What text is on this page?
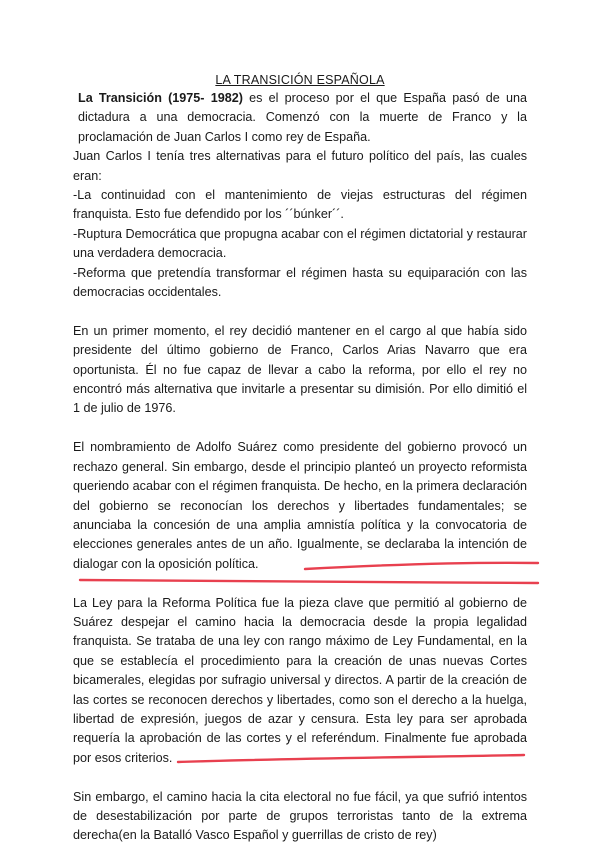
LA TRANSICIÓN ESPAÑOLA

La Transición (1975- 1982) es el proceso por el que España pasó de una dictadura a una democracia. Comenzó con la muerte de Franco y la proclamación de Juan Carlos I como rey de España.

Juan Carlos I tenía tres alternativas para el futuro político del país, las cuales eran:

-La continuidad con el mantenimiento de viejas estructuras del régimen franquista. Esto fue defendido por los ´´búnker´´.

-Ruptura Democrática que propugna acabar con el régimen dictatorial y restaurar una verdadera democracia.

-Reforma que pretendía transformar el régimen hasta su equiparación con las democracias occidentales.

En un primer momento, el rey decidió mantener en el cargo al que había sido presidente del último gobierno de Franco, Carlos Arias Navarro que era oportunista. Él no fue capaz de llevar a cabo la reforma, por ello el rey no encontró más alternativa que invitarle a presentar su dimisión. Por ello dimitió el 1 de julio de 1976.

El nombramiento de Adolfo Suárez como presidente del gobierno provocó un rechazo general. Sin embargo, desde el principio planteó un proyecto reformista queriendo acabar con el régimen franquista. De hecho, en la primera declaración del gobierno se reconocían los derechos y libertades fundamentales; se anunciaba la concesión de una amplia amnistía política y la convocatoria de elecciones generales antes de un año. Igualmente, se declaraba la intención de dialogar con la oposición política.

La Ley para la Reforma Política fue la pieza clave que permitió al gobierno de Suárez despejar el camino hacia la democracia desde la propia legalidad franquista. Se trataba de una ley con rango máximo de Ley Fundamental, en la que se establecía el procedimiento para la creación de unas nuevas Cortes bicamerales, elegidas por sufragio universal y directos. A partir de la creación de las cortes se reconocen derechos y libertades, como son el derecho a la huelga, libertad de expresión, juegos de azar y censura. Esta ley para ser aprobada requería la aprobación de las cortes y el referéndum. Finalmente fue aprobada por esos criterios.

Sin embargo, el camino hacia la cita electoral no fue fácil, ya que sufrió intentos de desestabilización por parte de grupos terroristas tanto de la extrema derecha(en la Batalló Vasco Español y guerrillas de cristo de rey)
